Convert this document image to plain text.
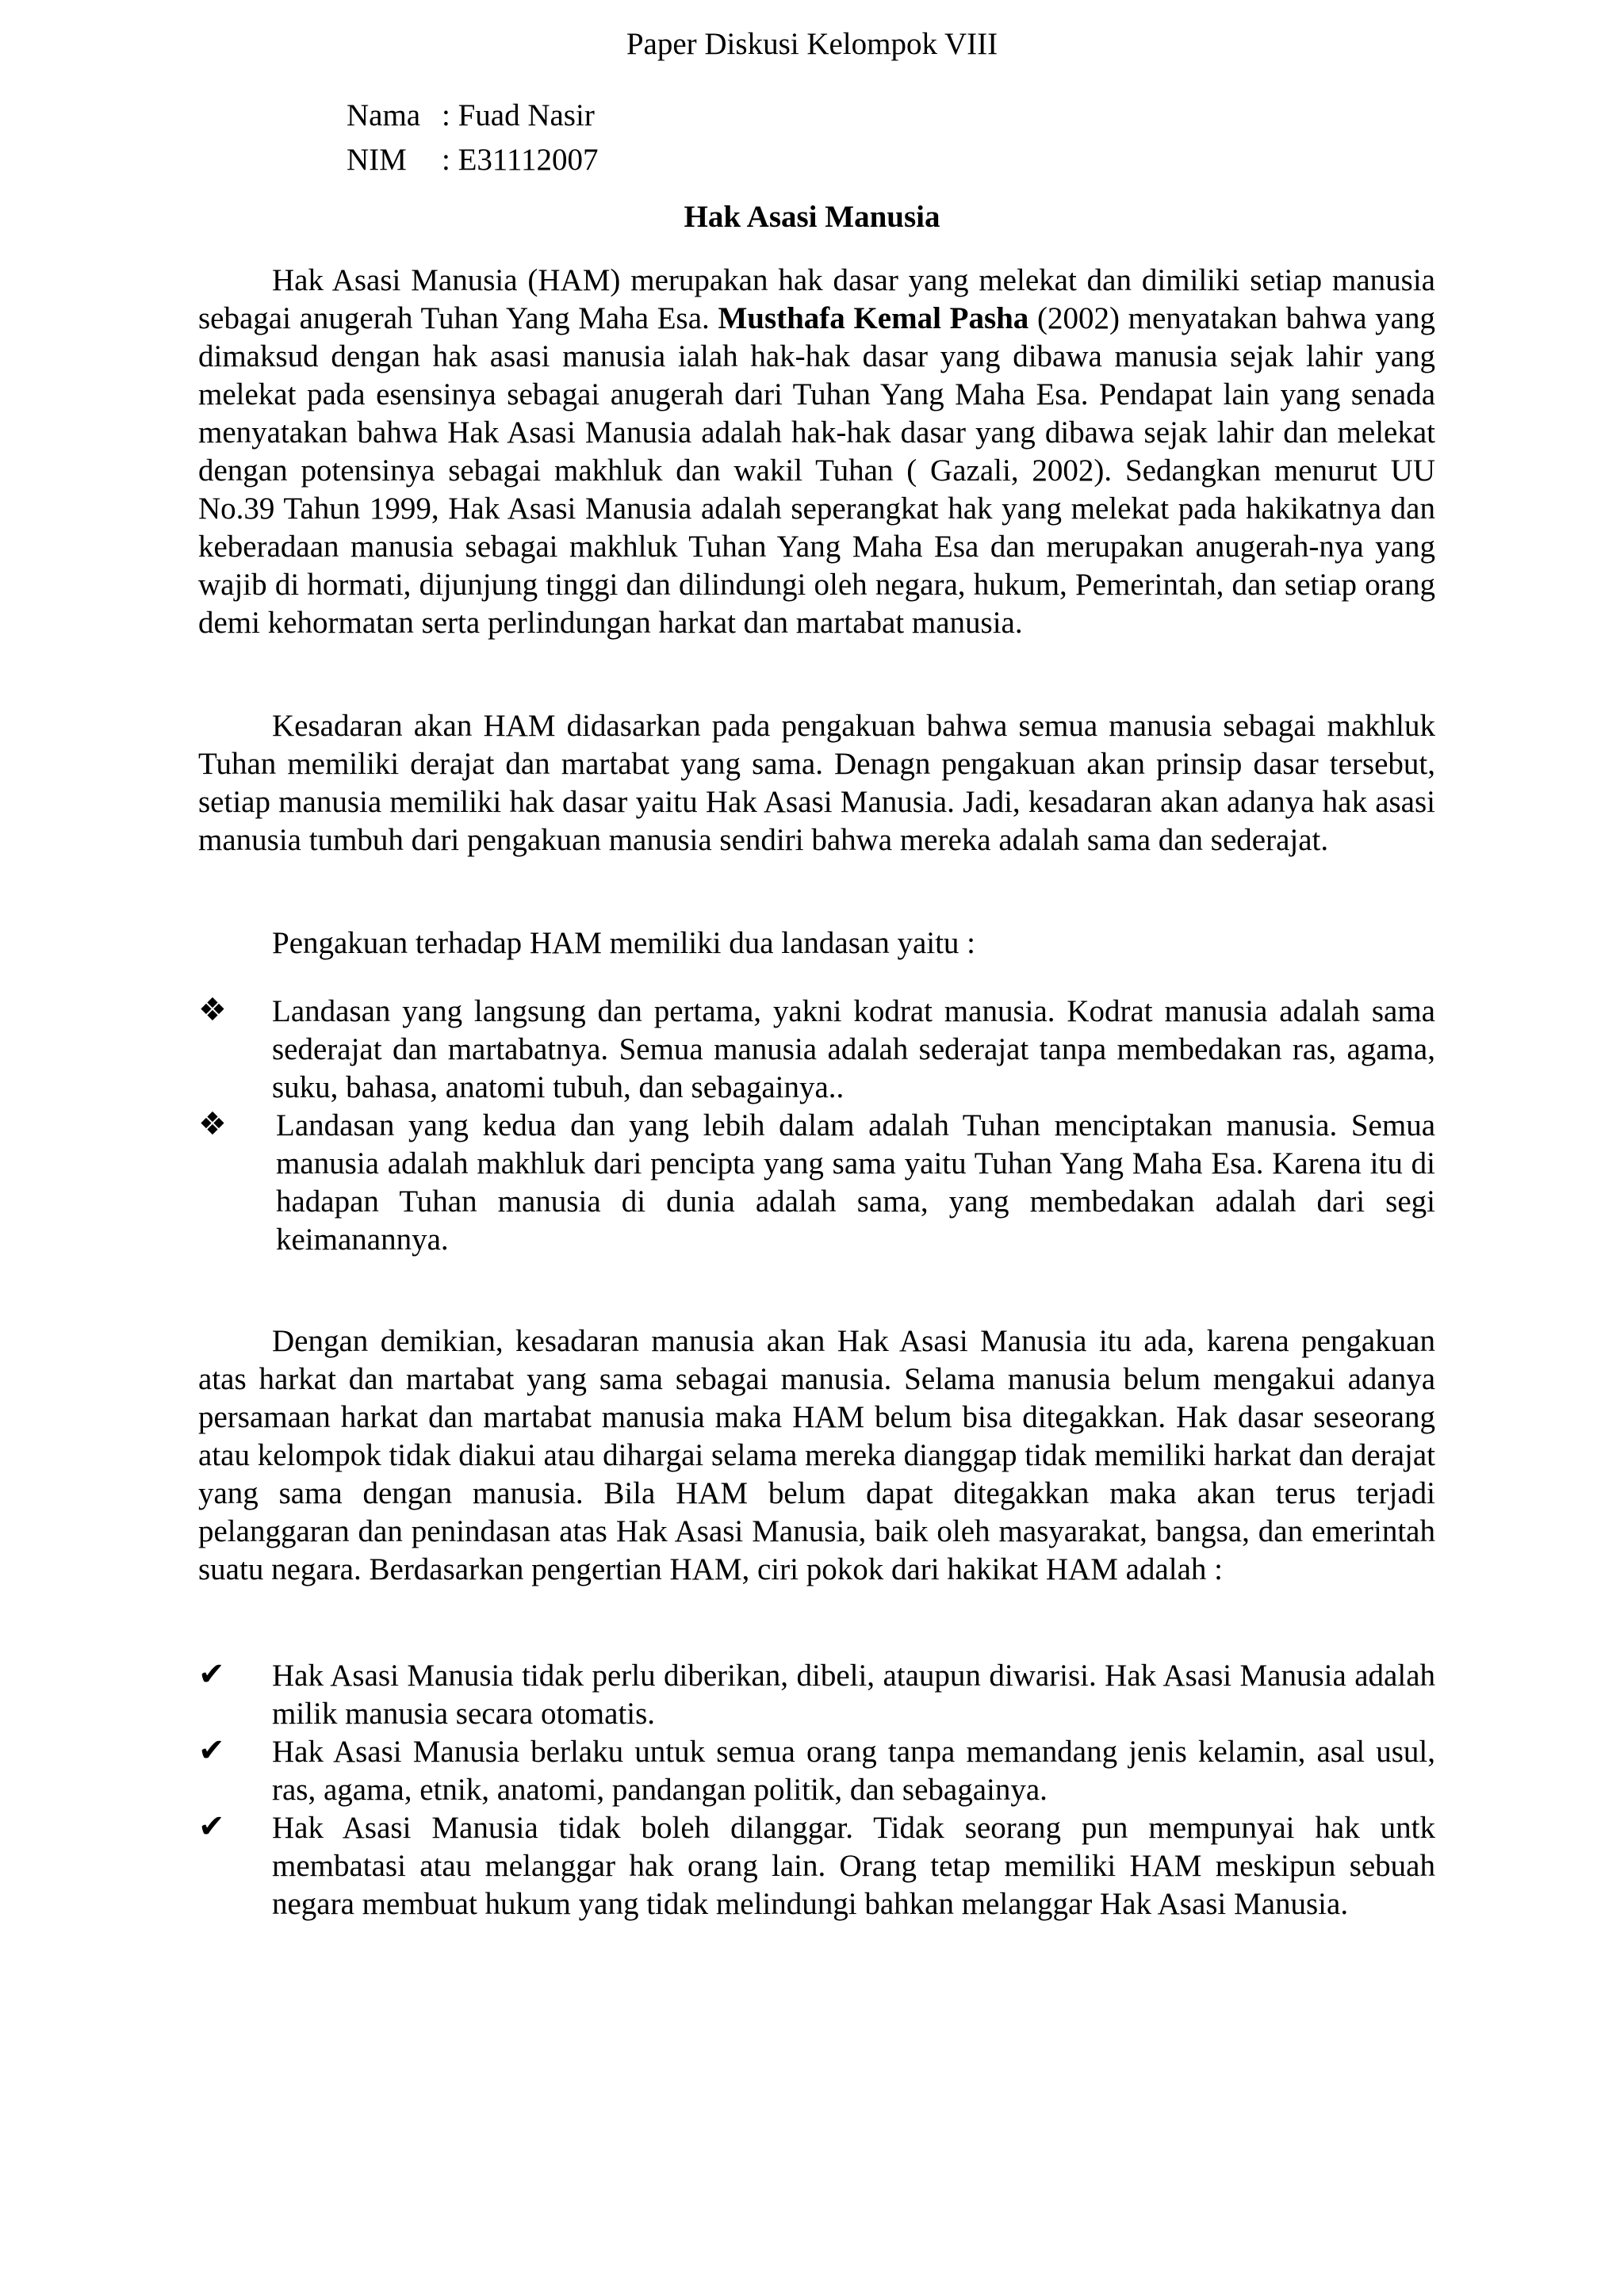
Paper Diskusi Kelompok VIII
Nama : Fuad Nasir
NIM	: E31112007
Hak Asasi Manusia

Hak Asasi Manusia (HAM) merupakan hak dasar yang melekat dan dimiliki setiap manusia sebagai anugerah Tuhan Yang Maha Esa. Musthafa Kemal Pasha (2002) menyatakan bahwa yang dimaksud dengan hak asasi manusia ialah hak-hak dasar yang dibawa manusia sejak lahir yang melekat pada esensinya sebagai anugerah dari Tuhan Yang Maha Esa. Pendapat lain yang senada menyatakan bahwa Hak Asasi Manusia adalah hak-hak dasar yang dibawa sejak lahir dan melekat dengan potensinya sebagai makhluk dan wakil Tuhan ( Gazali, 2002). Sedangkan menurut UU No.39 Tahun 1999, Hak Asasi Manusia adalah seperangkat hak yang melekat pada hakikatnya dan keberadaan manusia sebagai makhluk Tuhan Yang Maha Esa dan merupakan anugerah-nya yang wajib di hormati, dijunjung tinggi dan dilindungi oleh negara, hukum, Pemerintah, dan setiap orang demi kehormatan serta perlindungan harkat dan martabat manusia.

Kesadaran akan HAM didasarkan pada pengakuan bahwa semua manusia sebagai makhluk Tuhan memiliki derajat dan martabat yang sama. Denagn pengakuan akan prinsip dasar tersebut, setiap manusia memiliki hak dasar yaitu Hak Asasi Manusia. Jadi, kesadaran akan adanya hak asasi manusia tumbuh dari pengakuan manusia sendiri bahwa mereka adalah sama dan sederajat.

Pengakuan terhadap HAM memiliki dua landasan yaitu :

❖	Landasan yang langsung dan pertama, yakni kodrat manusia. Kodrat manusia adalah sama sederajat dan martabatnya. Semua manusia adalah sederajat tanpa membedakan ras, agama, suku, bahasa, anatomi tubuh, dan sebagainya..
❖	Landasan yang kedua dan yang lebih dalam adalah Tuhan menciptakan manusia. Semua manusia adalah makhluk dari pencipta yang sama yaitu Tuhan Yang Maha Esa. Karena itu di hadapan Tuhan manusia di dunia adalah sama, yang membedakan adalah dari segi keimanannya.

Dengan demikian, kesadaran manusia akan Hak Asasi Manusia itu ada, karena pengakuan atas harkat dan martabat yang sama sebagai manusia. Selama manusia belum mengakui adanya persamaan harkat dan martabat manusia maka HAM belum bisa ditegakkan. Hak dasar seseorang atau kelompok tidak diakui atau dihargai selama mereka dianggap tidak memiliki harkat dan derajat yang sama dengan manusia. Bila HAM belum dapat ditegakkan maka akan terus terjadi pelanggaran dan penindasan atas Hak Asasi Manusia, baik oleh masyarakat, bangsa, dan emerintah suatu negara. Berdasarkan pengertian HAM, ciri pokok dari hakikat HAM adalah :

✔	Hak Asasi Manusia tidak perlu diberikan, dibeli, ataupun diwarisi. Hak Asasi Manusia adalah milik manusia secara otomatis.
✔	Hak Asasi Manusia berlaku untuk semua orang tanpa memandang jenis kelamin, asal usul, ras, agama, etnik, anatomi, pandangan politik, dan sebagainya.
✔	Hak Asasi Manusia tidak boleh dilanggar. Tidak seorang pun mempunyai hak untk membatasi atau melanggar hak orang lain. Orang tetap memiliki HAM meskipun sebuah negara membuat hukum yang tidak melindungi bahkan melanggar Hak Asasi Manusia.
